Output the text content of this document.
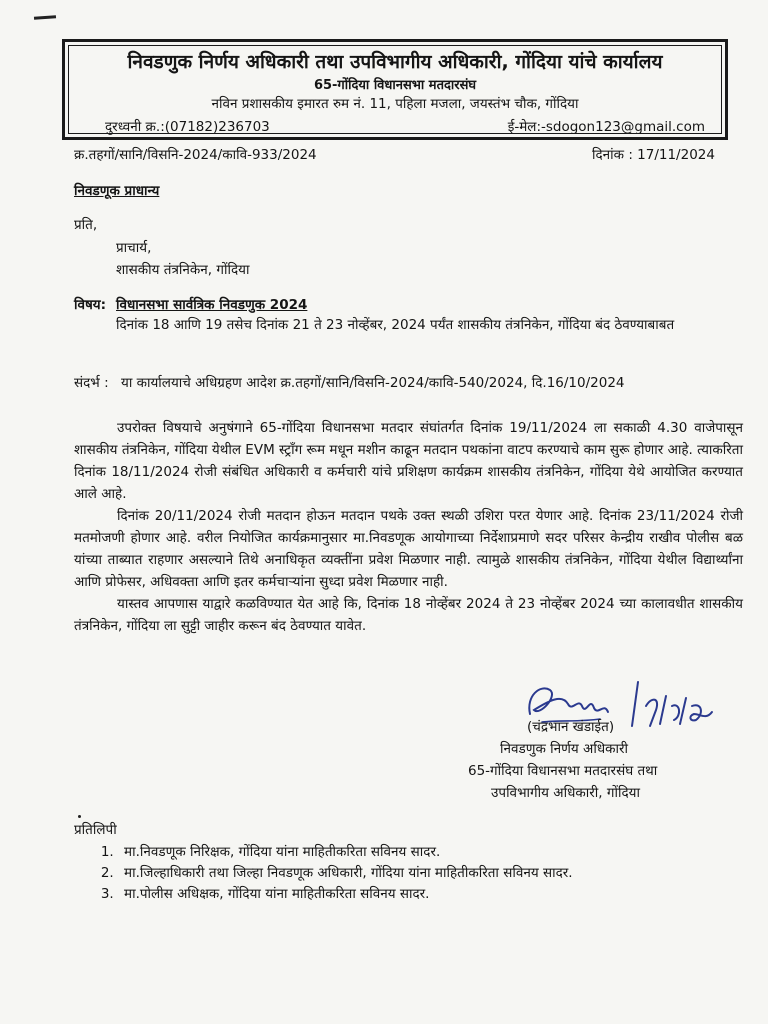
निवडणुक निर्णय अधिकारी तथा उपविभागीय अधिकारी, गोंदिया यांचे कार्यालय
65-गोंदिया विधानसभा मतदारसंघ
नविन प्रशासकीय इमारत रुम नं. 11, पहिला मजला, जयस्तंभ चौक, गोंदिया
दुरध्वनी क्र.:(07182)236703	ई-मेल:-sdogon123@gmail.com
क्र.तहगों/सानि/विसनि-2024/कावि-933/2024	दिनांक : 17/11/2024
निवडणूक प्राधान्य
प्रति,
प्राचार्य,
शासकीय तंत्रनिकेन, गोंदिया
विषय: विधानसभा सार्वत्रिक निवडणुक 2024
दिनांक 18 आणि 19 तसेच दिनांक 21 ते 23 नोव्हेंबर, 2024 पर्यंत शासकीय तंत्रनिकेन, गोंदिया बंद ठेवण्याबाबत
संदर्भ : या कार्यालयाचे अधिग्रहण आदेश क्र.तहगों/सानि/विसनि-2024/कावि-540/2024, दि.16/10/2024

उपरोक्त विषयाचे अनुषंगाने 65-गोंदिया विधानसभा मतदार संघांतर्गत दिनांक 19/11/2024 ला सकाळी 4.30 वाजेपासून शासकीय तंत्रनिकेन, गोंदिया येथील EVM स्ट्रॉंग रूम मधून मशीन काढून मतदान पथकांना वाटप करण्याचे काम सुरू होणार आहे. त्याकरिता दिनांक 18/11/2024 रोजी संबंधित अधिकारी व कर्मचारी यांचे प्रशिक्षण कार्यक्रम शासकीय तंत्रनिकेन, गोंदिया येथे आयोजित करण्यात आले आहे.

दिनांक 20/11/2024 रोजी मतदान होऊन मतदान पथके उक्त स्थळी उशिरा परत येणार आहे. दिनांक 23/11/2024 रोजी मतमोजणी होणार आहे. वरील नियोजित कार्यक्रमानुसार मा.निवडणूक आयोगाच्या निर्देशाप्रमाणे सदर परिसर केन्द्रीय राखीव पोलीस बळ यांच्या ताब्यात राहणार असल्याने तिथे अनाधिकृत व्यक्तींना प्रवेश मिळणार नाही. त्यामुळे शासकीय तंत्रनिकेन, गोंदिया येथील विद्यार्थ्यांना आणि प्रोफेसर, अधिवक्ता आणि इतर कर्मचाऱ्यांना सुध्दा प्रवेश मिळणार नाही.

यास्तव आपणास याद्वारे कळविण्यात येत आहे कि, दिनांक 18 नोव्हेंबर 2024 ते 23 नोव्हेंबर 2024 च्या कालावधीत शासकीय तंत्रनिकेन, गोंदिया ला सुट्टी जाहीर करून बंद ठेवण्यात यावेत.

(चंद्रभान खंडाईत)
निवडणुक निर्णय अधिकारी
65-गोंदिया विधानसभा मतदारसंघ तथा
उपविभागीय अधिकारी, गोंदिया
प्रतिलिपी
1. मा.निवडणूक निरिक्षक, गोंदिया यांना माहितीकरिता सविनय सादर.
2. मा.जिल्हाधिकारी तथा जिल्हा निवडणूक अधिकारी, गोंदिया यांना माहितीकरिता सविनय सादर.
3. मा.पोलीस अधिक्षक, गोंदिया यांना माहितीकरिता सविनय सादर.
